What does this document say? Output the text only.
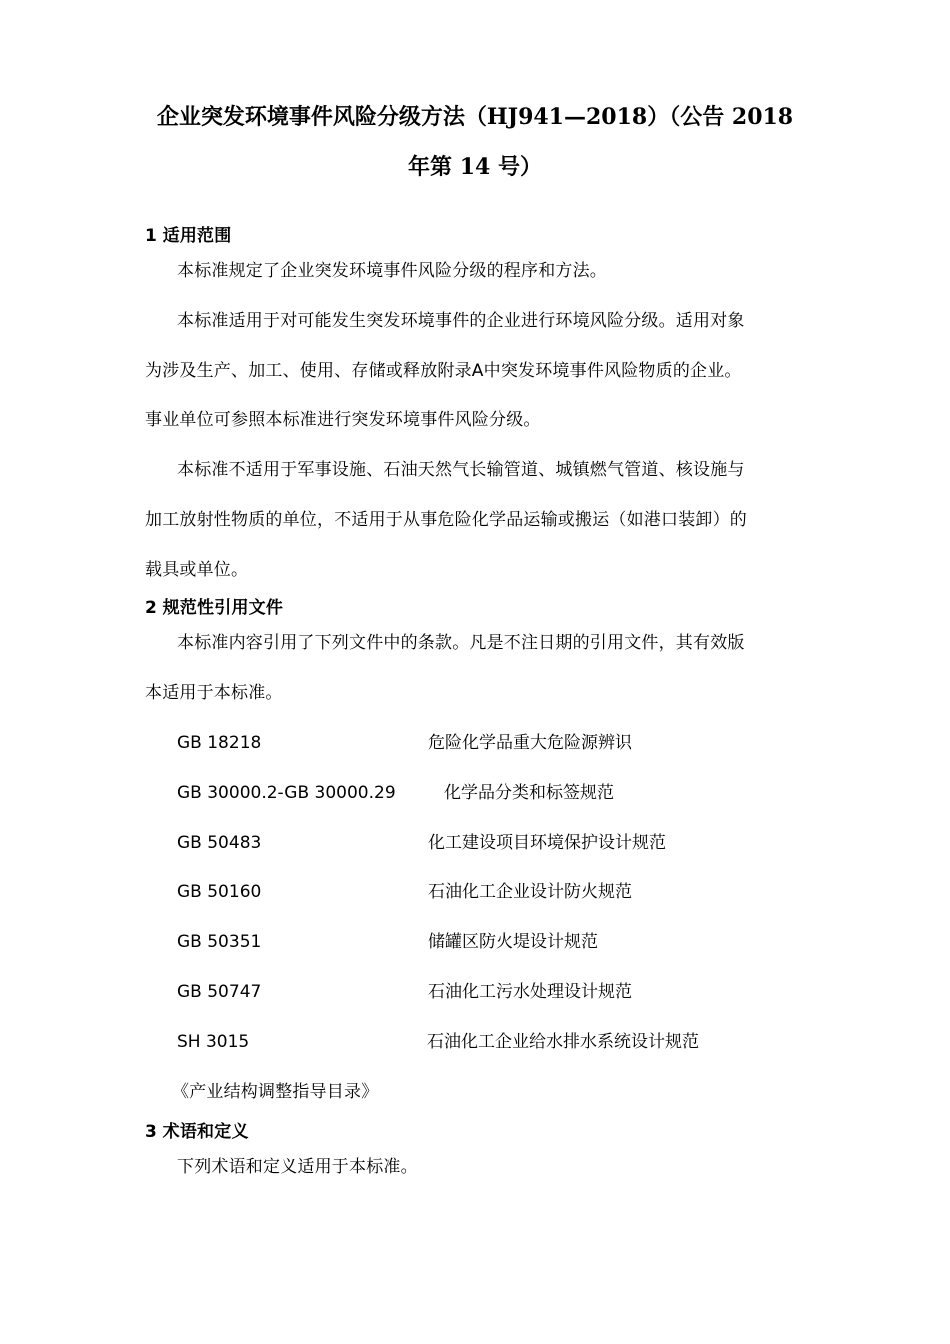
企业突发环境事件风险分级方法（HJ941—2018）（公告 2018
年第 14 号）
1 适用范围
本标准规定了企业突发环境事件风险分级的程序和方法。
本标准适用于对可能发生突发环境事件的企业进行环境风险分级。适用对象
为涉及生产、加工、使用、存储或释放附录A中突发环境事件风险物质的企业。
事业单位可参照本标准进行突发环境事件风险分级。
本标准不适用于军事设施、石油天然气长输管道、城镇燃气管道、核设施与
加工放射性物质的单位，不适用于从事危险化学品运输或搬运（如港口装卸）的
载具或单位。
2 规范性引用文件
本标准内容引用了下列文件中的条款。凡是不注日期的引用文件，其有效版
本适用于本标准。
GB 18218	危险化学品重大危险源辨识
GB 30000.2-GB 30000.29	化学品分类和标签规范
GB 50483	化工建设项目环境保护设计规范
GB 50160	石油化工企业设计防火规范
GB 50351	储罐区防火堤设计规范
GB 50747	石油化工污水处理设计规范
SH 3015	石油化工企业给水排水系统设计规范
《产业结构调整指导目录》
3 术语和定义
下列术语和定义适用于本标准。
